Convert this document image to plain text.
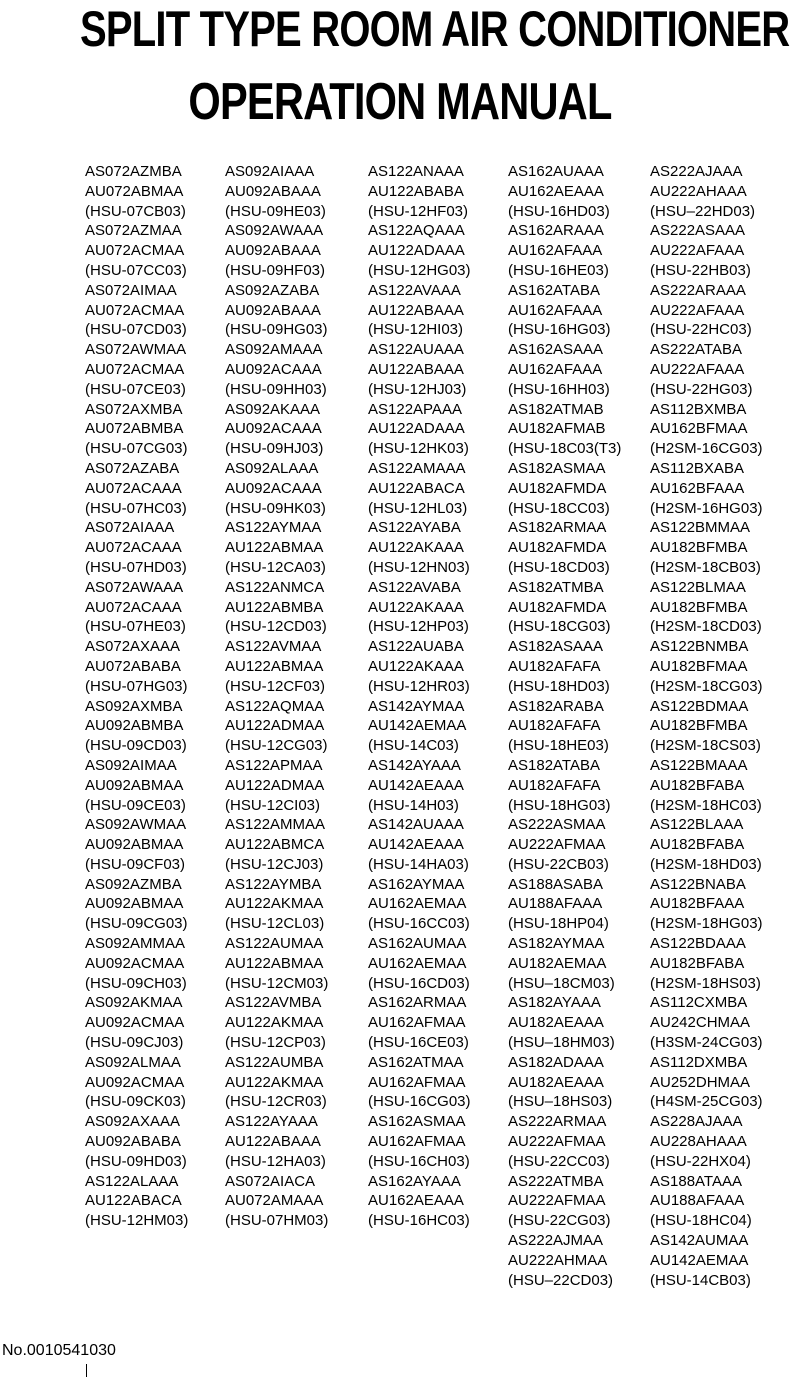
SPLIT TYPE ROOM AIR CONDITIONER
OPERATION MANUAL
AS072AZMBA
AU072ABMAA
(HSU-07CB03)
AS072AZMAA
AU072ACMAA
(HSU-07CC03)
AS072AIMAA
AU072ACMAA
(HSU-07CD03)
AS072AWMAA
AU072ACMAA
(HSU-07CE03)
AS072AXMBA
AU072ABMBA
(HSU-07CG03)
AS072AZABA
AU072ACAAA
(HSU-07HC03)
AS072AIAAA
AU072ACAAA
(HSU-07HD03)
AS072AWAAA
AU072ACAAA
(HSU-07HE03)
AS072AXAAA
AU072ABABA
(HSU-07HG03)
AS092AXMBA
AU092ABMBA
(HSU-09CD03)
AS092AIMAA
AU092ABMAA
(HSU-09CE03)
AS092AWMAA
AU092ABMAA
(HSU-09CF03)
AS092AZMBA
AU092ABMAA
(HSU-09CG03)
AS092AMMAA
AU092ACMAA
(HSU-09CH03)
AS092AKMAA
AU092ACMAA
(HSU-09CJ03)
AS092ALMAA
AU092ACMAA
(HSU-09CK03)
AS092AXAAA
AU092ABABA
(HSU-09HD03)
AS122ALAAA
AU122ABACA
(HSU-12HM03)
AS092AIAAA
AU092ABAAA
(HSU-09HE03)
AS092AWAAA
AU092ABAAA
(HSU-09HF03)
AS092AZABA
AU092ABAAA
(HSU-09HG03)
AS092AMAAA
AU092ACAAA
(HSU-09HH03)
AS092AKAAA
AU092ACAAA
(HSU-09HJ03)
AS092ALAAA
AU092ACAAA
(HSU-09HK03)
AS122AYMAA
AU122ABMAA
(HSU-12CA03)
AS122ANMCA
AU122ABMBA
(HSU-12CD03)
AS122AVMAA
AU122ABMAA
(HSU-12CF03)
AS122AQMAA
AU122ADMAA
(HSU-12CG03)
AS122APMAA
AU122ADMAA
(HSU-12CI03)
AS122AMMAA
AU122ABMCA
(HSU-12CJ03)
AS122AYMBA
AU122AKMAA
(HSU-12CL03)
AS122AUMAA
AU122ABMAA
(HSU-12CM03)
AS122AVMBA
AU122AKMAA
(HSU-12CP03)
AS122AUMBA
AU122AKMAA
(HSU-12CR03)
AS122AYAAA
AU122ABAAA
(HSU-12HA03)
AS072AIACA
AU072AMAAA
(HSU-07HM03)
AS122ANAAA
AU122ABABA
(HSU-12HF03)
AS122AQAAA
AU122ADAAA
(HSU-12HG03)
AS122AVAAA
AU122ABAAA
(HSU-12HI03)
AS122AUAAA
AU122ABAAA
(HSU-12HJ03)
AS122APAAA
AU122ADAAA
(HSU-12HK03)
AS122AMAAA
AU122ABACA
(HSU-12HL03)
AS122AYABA
AU122AKAAA
(HSU-12HN03)
AS122AVABA
AU122AKAAA
(HSU-12HP03)
AS122AUABA
AU122AKAAA
(HSU-12HR03)
AS142AYMAA
AU142AEMAA
(HSU-14C03)
AS142AYAAA
AU142AEAAA
(HSU-14H03)
AS142AUAAA
AU142AEAAA
(HSU-14HA03)
AS162AYMAA
AU162AEMAA
(HSU-16CC03)
AS162AUMAA
AU162AEMAA
(HSU-16CD03)
AS162ARMAA
AU162AFMAA
(HSU-16CE03)
AS162ATMAA
AU162AFMAA
(HSU-16CG03)
AS162ASMAA
AU162AFMAA
(HSU-16CH03)
AS162AYAAA
AU162AEAAA
(HSU-16HC03)
AS162AUAAA
AU162AEAAA
(HSU-16HD03)
AS162ARAAA
AU162AFAAA
(HSU-16HE03)
AS162ATABA
AU162AFAAA
(HSU-16HG03)
AS162ASAAA
AU162AFAAA
(HSU-16HH03)
AS182ATMAB
AU182AFMAB
(HSU-18C03(T3)
AS182ASMAA
AU182AFMDA
(HSU-18CC03)
AS182ARMAA
AU182AFMDA
(HSU-18CD03)
AS182ATMBA
AU182AFMDA
(HSU-18CG03)
AS182ASAAA
AU182AFAFA
(HSU-18HD03)
AS182ARABA
AU182AFAFA
(HSU-18HE03)
AS182ATABA
AU182AFAFA
(HSU-18HG03)
AS222ASMAA
AU222AFMAA
(HSU-22CB03)
AS188ASABA
AU188AFAAA
(HSU-18HP04)
AS182AYMAA
AU182AEMAA
(HSU–18CM03)
AS182AYAAA
AU182AEAAA
(HSU–18HM03)
AS182ADAAA
AU182AEAAA
(HSU–18HS03)
AS222ARMAA
AU222AFMAA
(HSU-22CC03)
AS222ATMBA
AU222AFMAA
(HSU-22CG03)
AS222AJMAA
AU222AHMAA
(HSU–22CD03)
AS222AJAAA
AU222AHAAA
(HSU–22HD03)
AS222ASAAA
AU222AFAAA
(HSU-22HB03)
AS222ARAAA
AU222AFAAA
(HSU-22HC03)
AS222ATABA
AU222AFAAA
(HSU-22HG03)
AS112BXMBA
AU162BFMAA
(H2SM-16CG03)
AS112BXABA
AU162BFAAA
(H2SM-16HG03)
AS122BMMAA
AU182BFMBA
(H2SM-18CB03)
AS122BLMAA
AU182BFMBA
(H2SM-18CD03)
AS122BNMBA
AU182BFMAA
(H2SM-18CG03)
AS122BDMAA
AU182BFMBA
(H2SM-18CS03)
AS122BMAAA
AU182BFABA
(H2SM-18HC03)
AS122BLAAA
AU182BFABA
(H2SM-18HD03)
AS122BNABA
AU182BFAAA
(H2SM-18HG03)
AS122BDAAA
AU182BFABA
(H2SM-18HS03)
AS112CXMBA
AU242CHMAA
(H3SM-24CG03)
AS112DXMBA
AU252DHMAA
(H4SM-25CG03)
AS228AJAAA
AU228AHAAA
(HSU-22HX04)
AS188ATAAA
AU188AFAAA
(HSU-18HC04)
AS142AUMAA
AU142AEMAA
(HSU-14CB03)
No.0010541030
